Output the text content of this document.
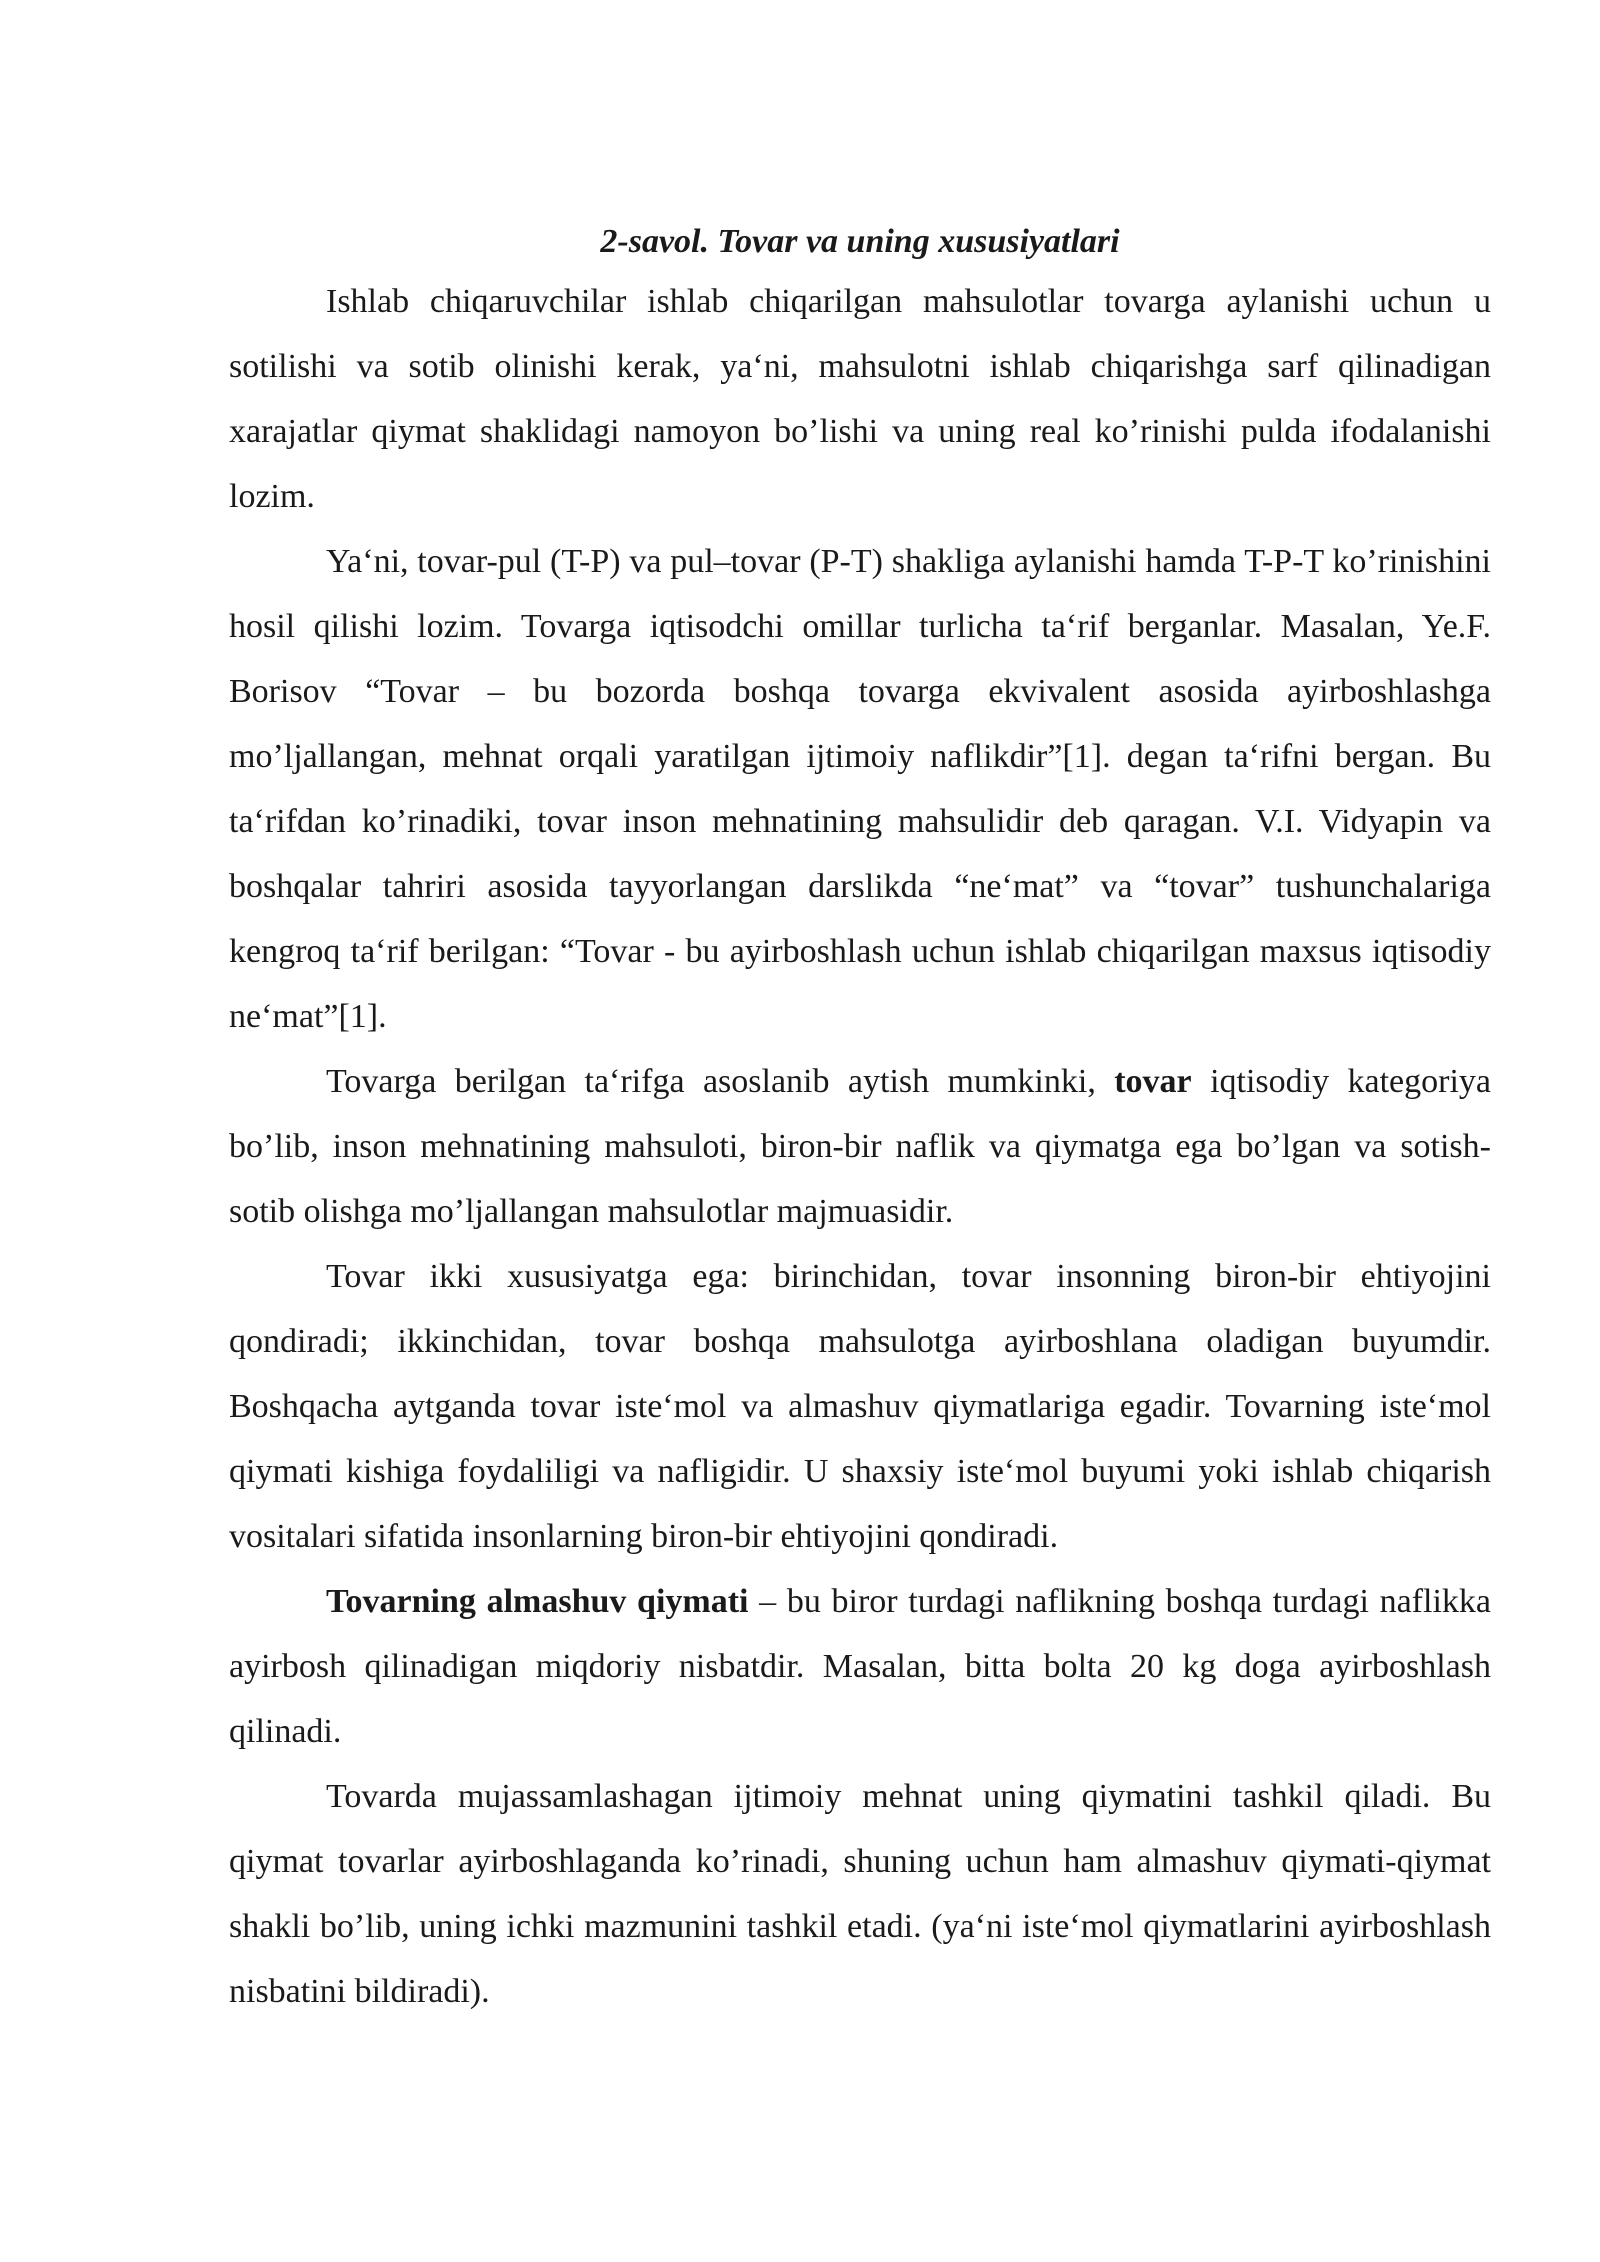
2-savol. Tovar va uning xususiyatlari

Ishlab chiqaruvchilar ishlab chiqarilgan mahsulotlar tovarga aylanishi uchun u sotilishi va sotib olinishi kerak, ya‘ni, mahsulotni ishlab chiqarishga sarf qilinadigan xarajatlar qiymat shaklidagi namoyon bo’lishi va uning real ko’rinishi pulda ifodalanishi lozim.

Ya‘ni, tovar-pul (T-P) va pul–tovar (P-T) shakliga aylanishi hamda T-P-T ko’rinishini hosil qilishi lozim. Tovarga iqtisodchi omillar turlicha ta‘rif berganlar. Masalan, Ye.F. Borisov “Tovar – bu bozorda boshqa tovarga ekvivalent asosida ayirboshlashga mo’ljallangan, mehnat orqali yaratilgan ijtimoiy naflikdir”[1]. degan ta‘rifni bergan. Bu ta‘rifdan ko’rinadiki, tovar inson mehnatining mahsulidir deb qaragan. V.I. Vidyapin va boshqalar tahriri asosida tayyorlangan darslikda “ne‘mat” va “tovar” tushunchalariga kengroq ta‘rif berilgan: “Tovar - bu ayirboshlash uchun ishlab chiqarilgan maxsus iqtisodiy ne‘mat”[1].

Tovarga berilgan ta‘rifga asoslanib aytish mumkinki, tovar iqtisodiy kategoriya bo’lib, inson mehnatining mahsuloti, biron-bir naflik va qiymatga ega bo’lgan va sotish-sotib olishga mo’ljallangan mahsulotlar majmuasidir.

Tovar ikki xususiyatga ega: birinchidan, tovar insonning biron-bir ehtiyojini qondiradi; ikkinchidan, tovar boshqa mahsulotga ayirboshlana oladigan buyumdir. Boshqacha aytganda tovar iste‘mol va almashuv qiymatlariga egadir. Tovarning iste‘mol qiymati kishiga foydaliligi va nafligidir. U shaxsiy iste‘mol buyumi yoki ishlab chiqarish vositalari sifatida insonlarning biron-bir ehtiyojini qondiradi.

Tovarning almashuv qiymati – bu biror turdagi naflikning boshqa turdagi naflikka ayirbosh qilinadigan miqdoriy nisbatdir. Masalan, bitta bolta 20 kg doga ayirboshlash qilinadi.

Tovarda mujassamlashagan ijtimoiy mehnat uning qiymatini tashkil qiladi. Bu qiymat tovarlar ayirboshlaganda ko’rinadi, shuning uchun ham almashuv qiymati-qiymat shakli bo’lib, uning ichki mazmunini tashkil etadi. (ya‘ni iste‘mol qiymatlarini ayirboshlash nisbatini bildiradi).
